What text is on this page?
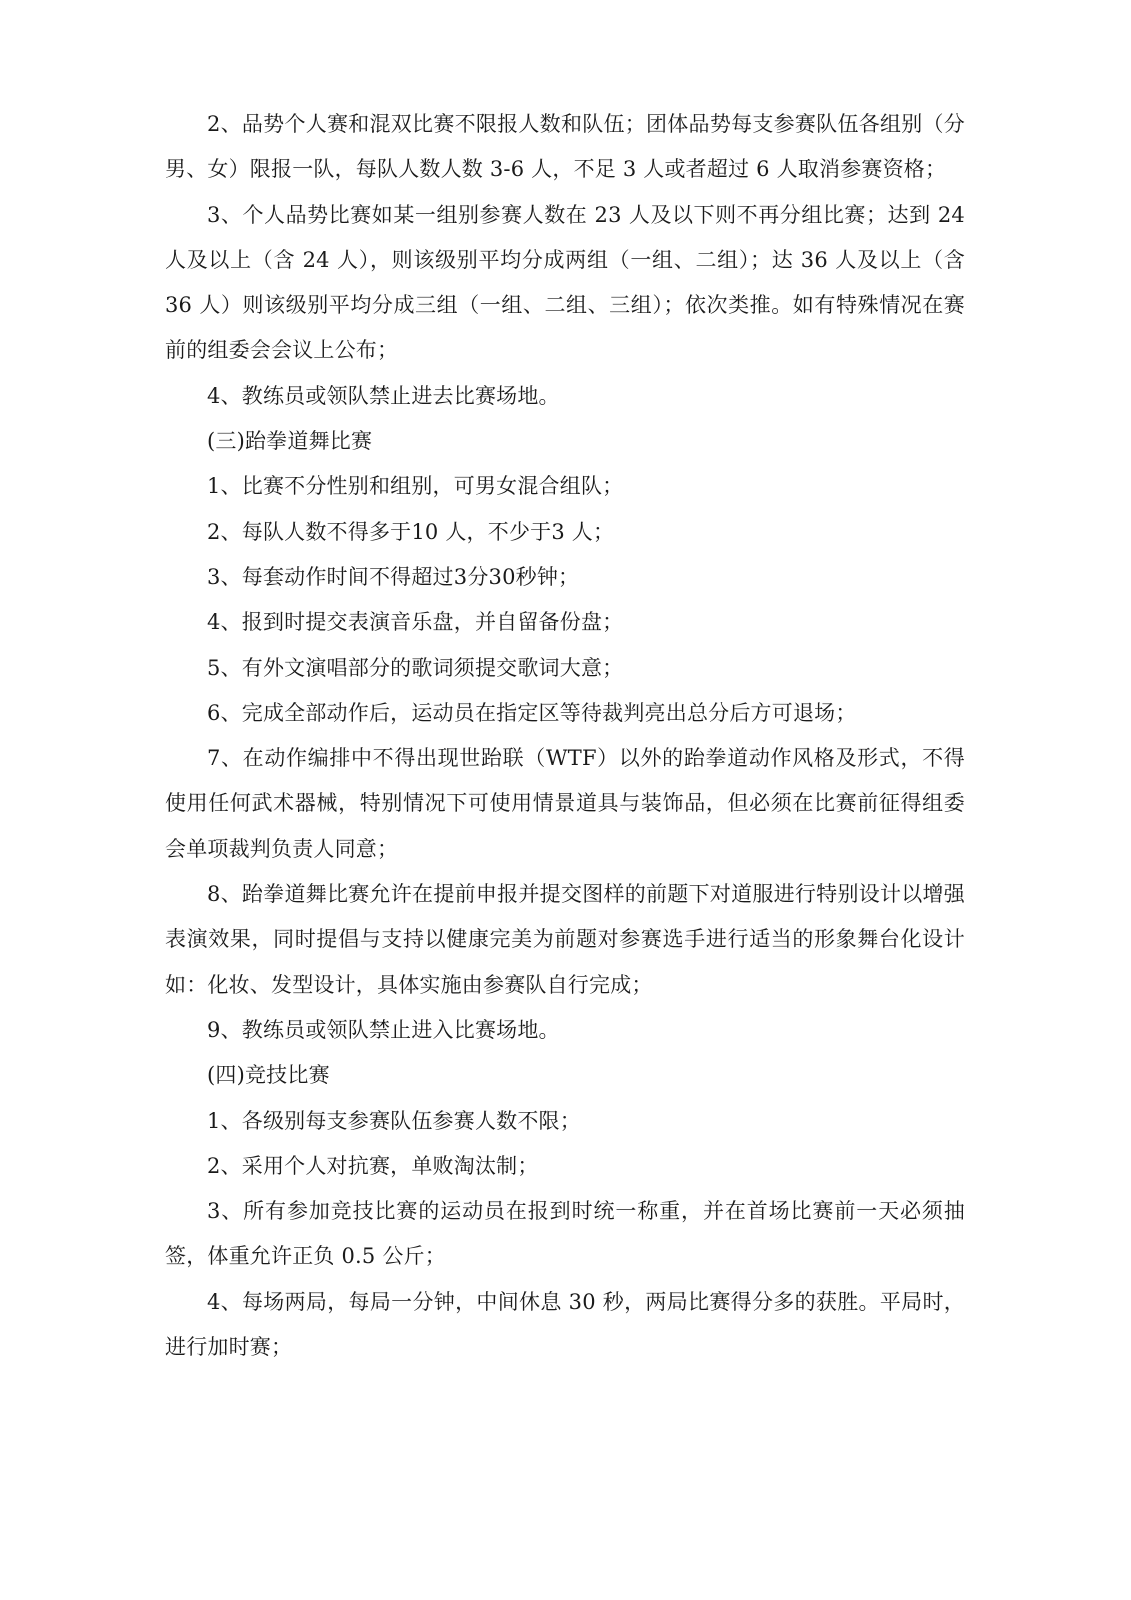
2、品势个人赛和混双比赛不限报人数和队伍；团体品势每支参赛队伍各组别（分男、女）限报一队，每队人数人数 3-6 人，不足 3 人或者超过 6 人取消参赛资格；

3、个人品势比赛如某一组别参赛人数在 23 人及以下则不再分组比赛；达到 24 人及以上（含 24 人），则该级别平均分成两组（一组、二组）；达 36 人及以上（含 36 人）则该级别平均分成三组（一组、二组、三组）；依次类推。如有特殊情况在赛前的组委会会议上公布；

4、教练员或领队禁止进去比赛场地。

(三)跆拳道舞比赛

1、比赛不分性别和组别，可男女混合组队；

2、每队人数不得多于10 人，不少于3 人；

3、每套动作时间不得超过3分30秒钟；

4、报到时提交表演音乐盘，并自留备份盘；

5、有外文演唱部分的歌词须提交歌词大意；

6、完成全部动作后，运动员在指定区等待裁判亮出总分后方可退场；

7、在动作编排中不得出现世跆联（WTF）以外的跆拳道动作风格及形式，不得使用任何武术器械，特别情况下可使用情景道具与装饰品，但必须在比赛前征得组委会单项裁判负责人同意；

8、跆拳道舞比赛允许在提前申报并提交图样的前题下对道服进行特别设计以增强表演效果，同时提倡与支持以健康完美为前题对参赛选手进行适当的形象舞台化设计如：化妆、发型设计，具体实施由参赛队自行完成；

9、教练员或领队禁止进入比赛场地。

(四)竞技比赛

1、各级别每支参赛队伍参赛人数不限；

2、采用个人对抗赛，单败淘汰制；

3、所有参加竞技比赛的运动员在报到时统一称重，并在首场比赛前一天必须抽签，体重允许正负 0.5 公斤；

4、每场两局，每局一分钟，中间休息 30 秒，两局比赛得分多的获胜。平局时，进行加时赛；
